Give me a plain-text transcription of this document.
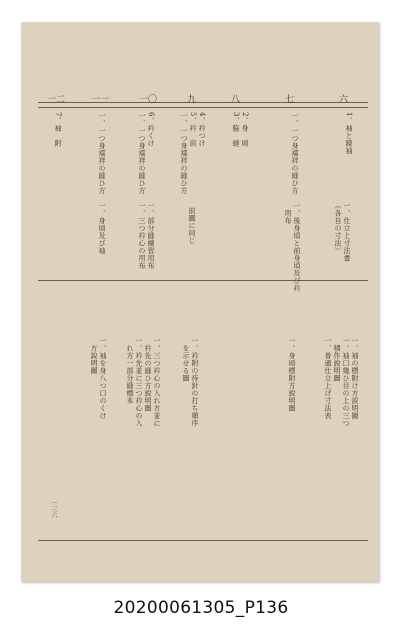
六
1、袖と鏡袖
一、仕立上寸法書
（各自の寸法）
一、袖の標附け方説明圖
一、袖口幾ひ目の上の三つ
　積作說明圖
一、普通仕立上げ寸法表
七
一、一つ身襦袢の縫ひ方
一、後身頃と前身頃及び衿
　用布
一、身頃標附方說明圖
八
2、身　頃
3、脇　縫
九
4、衿つけ
5、衿　肩
一、一つ身襦袢の縫ひ方
前圖に同じ
一、衿附の待針の打ち順序
　を示せる圖
一〇
6、衿くけ
一、一つ身襦袢の縫ひ方
一、部分縫練習用布
一、三つ衿心の用布
一、三つ衿心の入れ方並に
　衿先の縫ひ方說明圖
一、衿先並に三つ衿心の入
　れ方一部分縫標本
一一
一、一つ身襦袢の縫ひ方
一、身頃及び袖
一、袖を身八つ口のくけ
　方說明圖
一二
7、袖　附
一三六
20200061305_P136
